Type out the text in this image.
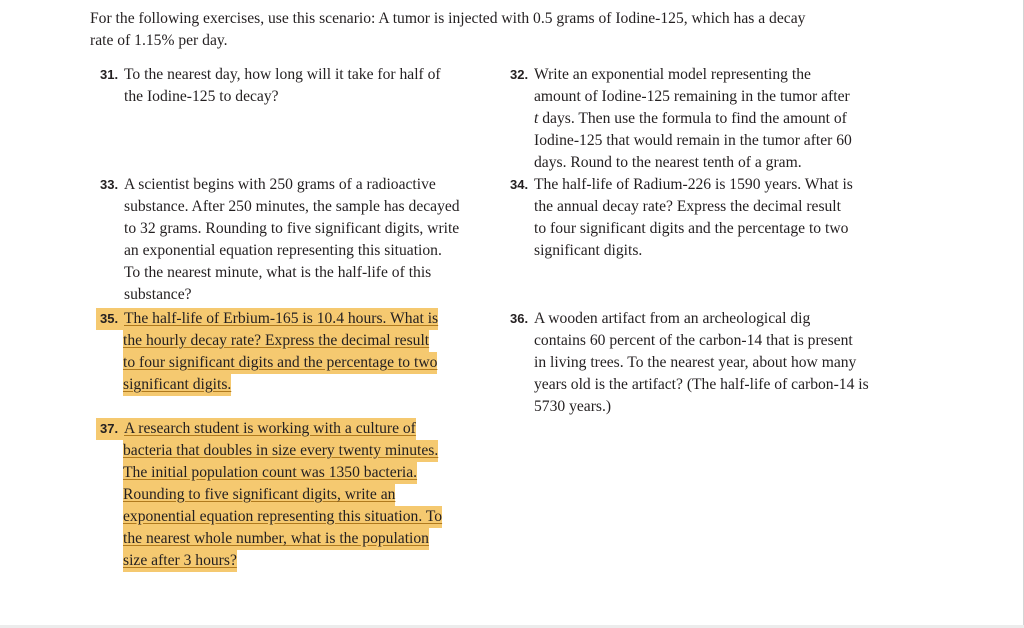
For the following exercises, use this scenario: A tumor is injected with 0.5 grams of Iodine-125, which has a decay
rate of 1.15% per day.
31. To the nearest day, how long will it take for half of
the Iodine-125 to decay?
32. Write an exponential model representing the
amount of Iodine-125 remaining in the tumor after
t days. Then use the formula to find the amount of
Iodine-125 that would remain in the tumor after 60
days. Round to the nearest tenth of a gram.
33. A scientist begins with 250 grams of a radioactive
substance. After 250 minutes, the sample has decayed
to 32 grams. Rounding to five significant digits, write
an exponential equation representing this situation.
To the nearest minute, what is the half-life of this
substance?
34. The half-life of Radium-226 is 1590 years. What is
the annual decay rate? Express the decimal result
to four significant digits and the percentage to two
significant digits.
35. The half-life of Erbium-165 is 10.4 hours. What is
the hourly decay rate? Express the decimal result
to four significant digits and the percentage to two
significant digits.
36. A wooden artifact from an archeological dig
contains 60 percent of the carbon-14 that is present
in living trees. To the nearest year, about how many
years old is the artifact? (The half-life of carbon-14 is
5730 years.)
37. A research student is working with a culture of
bacteria that doubles in size every twenty minutes.
The initial population count was 1350 bacteria.
Rounding to five significant digits, write an
exponential equation representing this situation. To
the nearest whole number, what is the population
size after 3 hours?
